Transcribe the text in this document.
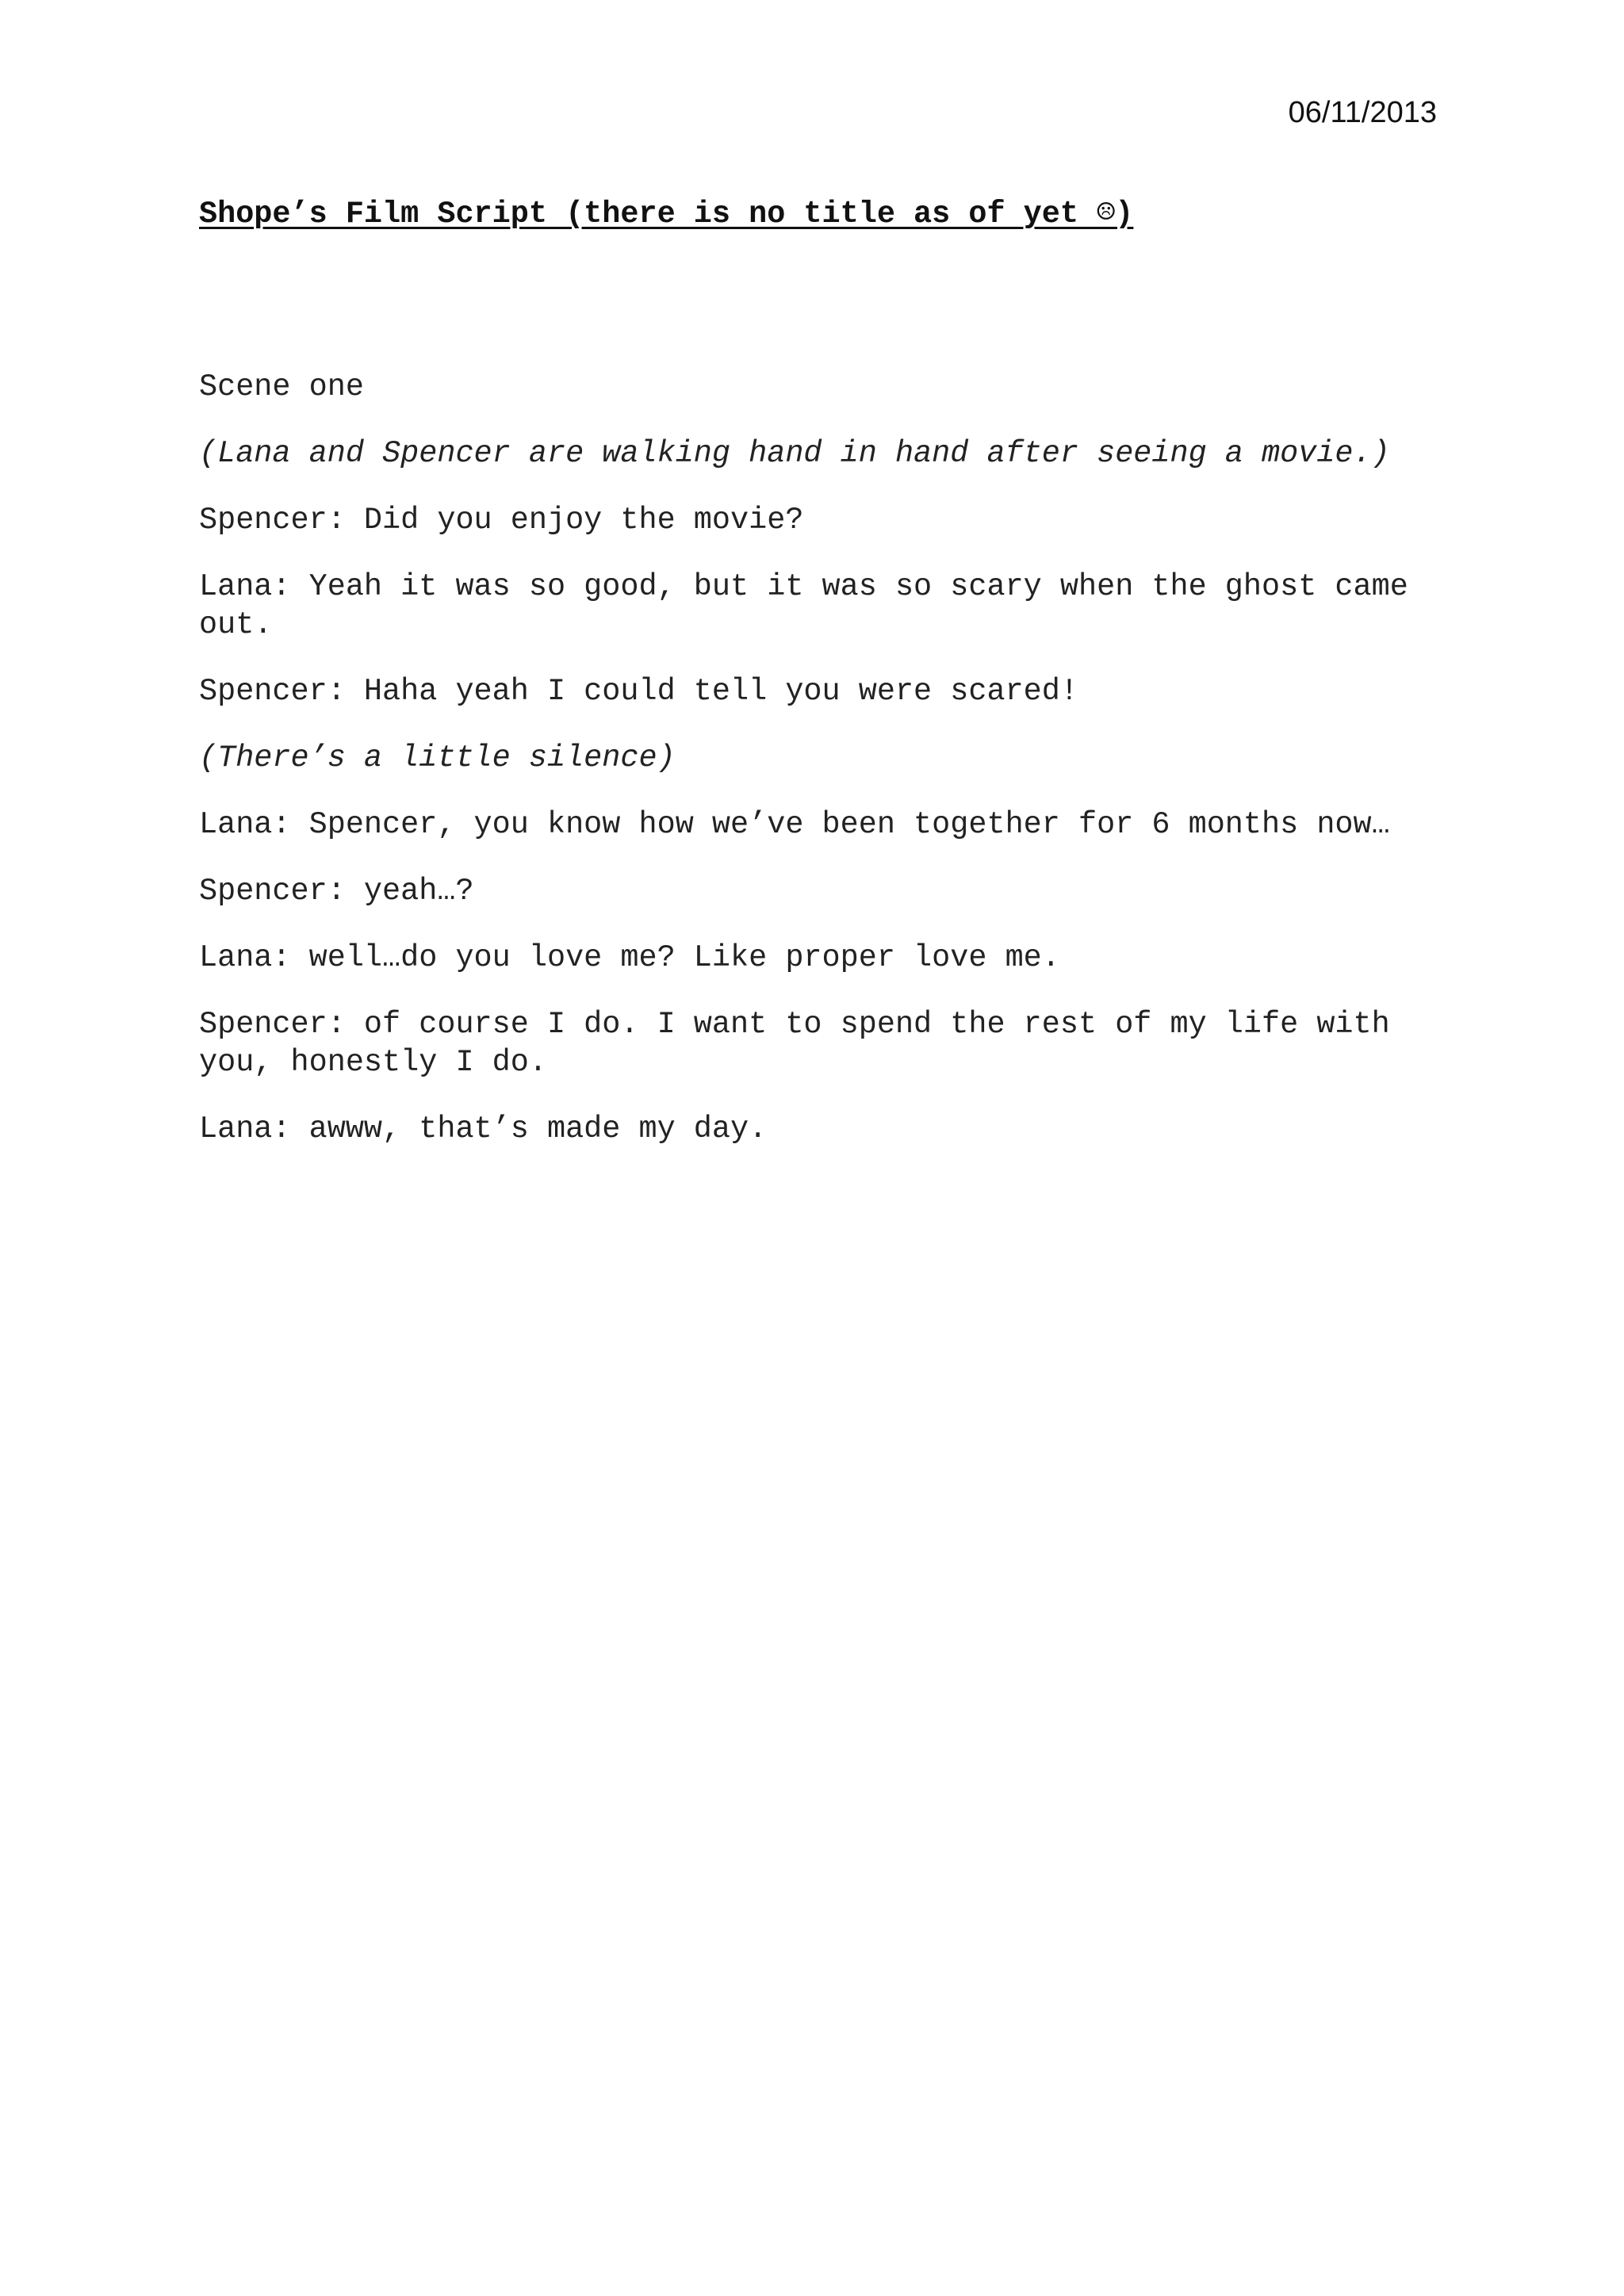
06/11/2013

Shope’s Film Script (there is no title as of yet ☹)

Scene one

(Lana and Spencer are walking hand in hand after seeing a movie.)

Spencer: Did you enjoy the movie?

Lana: Yeah it was so good, but it was so scary when the ghost came out.

Spencer: Haha yeah I could tell you were scared!

(There’s a little silence)

Lana: Spencer, you know how we’ve been together for 6 months now…

Spencer: yeah…?

Lana: well…do you love me? Like proper love me.

Spencer: of course I do. I want to spend the rest of my life with you, honestly I do.

Lana: awww, that’s made my day.
